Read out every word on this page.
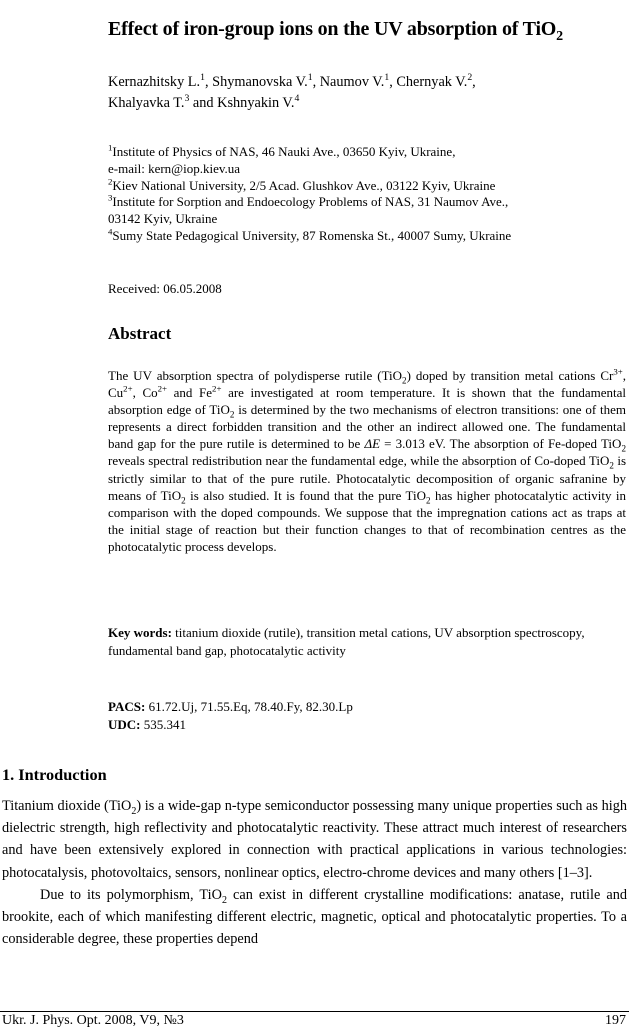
Effect of iron-group ions on the UV absorption of TiO$_2$
Kernazhitsky L.$^1$, Shymanovska V.$^1$, Naumov V.$^1$, Chernyak V.$^2$,
Khalyavka T.$^3$ and Kshnyakin V.$^4$

$^1$Institute of Physics of NAS, 46 Nauki Ave., 03650 Kyiv, Ukraine,

e-mail: kern@iop.kiev.ua

$^2$Kiev National University, 2/5 Acad. Glushkov Ave., 03122 Kyiv, Ukraine

$^3$Institute for Sorption and Endoecology Problems of NAS, 31 Naumov Ave.,

03142 Kyiv, Ukraine

$^4$Sumy State Pedagogical University, 87 Romenska St., 40007 Sumy, Ukraine

Received: 06.05.2008
Abstract
The UV absorption spectra of polydisperse rutile (TiO$_2$) doped by transition metal cations $Cr^{3+}$, $Cu^{2+}$, $Co^{2+}$ and $Fe^{2+}$ are investigated at room temperature. It is shown that the fundamental absorption edge of TiO$_2$ is determined by the two mechanisms of electron transitions: one of them represents a direct forbidden transition and the other an indirect allowed one. The fundamental band gap for the pure rutile is determined to be ΔE = 3.013 eV. The absorption of Fe-doped TiO$_2$ reveals spectral redistribution near the fundamental edge, while the absorption of Co-doped TiO$_2$ is strictly similar to that of the pure rutile. Photocatalytic decomposition of organic safranine by means of TiO$_2$ is also studied. It is found that the pure TiO$_2$ has higher photocatalytic activity in comparison with the doped compounds. We suppose that the impregnation cations act as traps at the initial stage of reaction but their function changes to that of recombination centres as the photocatalytic process develops.
Key words: titanium dioxide (rutile), transition metal cations, UV absorption spectroscopy, fundamental band gap, photocatalytic activity
PACS: 61.72.Uj, 71.55.Eq, 78.40.Fy, 82.30.Lp
UDC: 535.341
1. Introduction

Titanium dioxide (TiO$_2$) is a wide-gap n-type semiconductor possessing many unique properties such as high dielectric strength, high reflectivity and photocatalytic reactivity. These attract much interest of researchers and have been extensively explored in connection with practical applications in various technologies: photocatalysis, photovoltaics, sensors, nonlinear optics, electro-chrome devices and many others [1–3].

Due to its polymorphism, TiO$_2$ can exist in different crystalline modifications: anatase, rutile and brookite, each of which manifesting different electric, magnetic, optical and photocatalytic properties. To a considerable degree, these properties depend

Ukr. J. Phys. Opt. 2008, V9, №3	197
